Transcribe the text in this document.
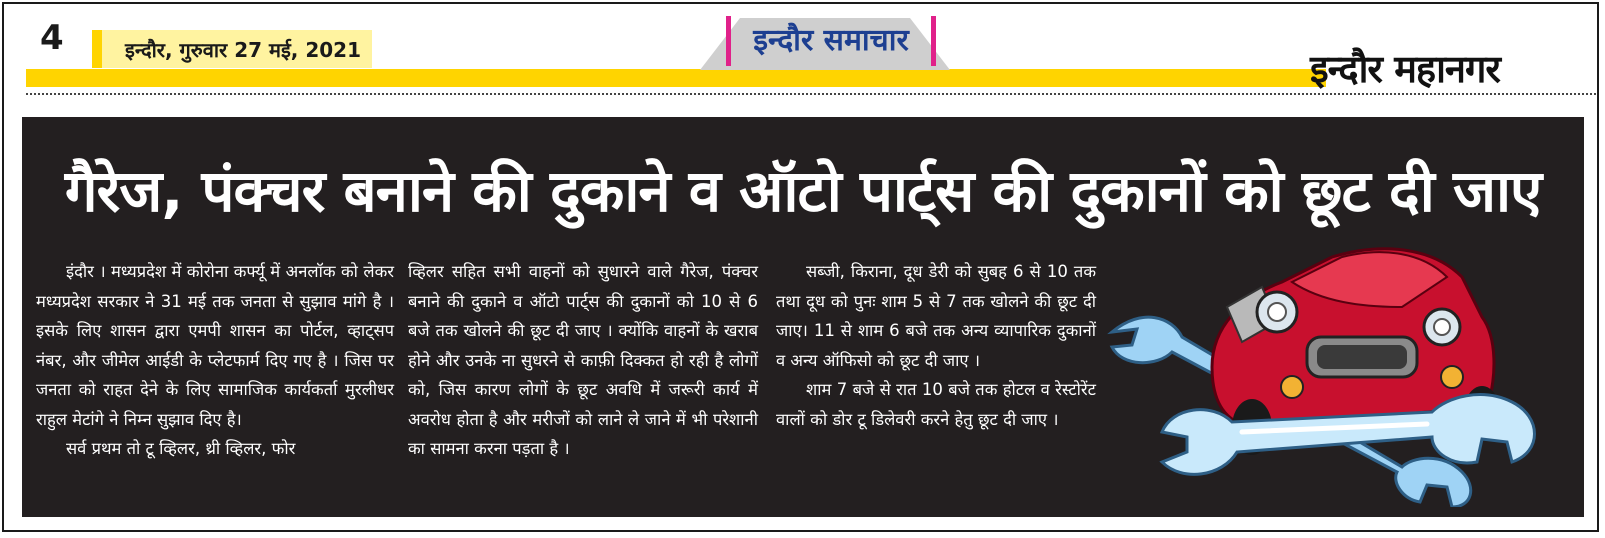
4	इन्दौर, गुरुवार 27 मई, 2021	इन्दौर समाचार
इन्दौर महानगर
गैरेज, पंक्चर बनाने की दुकाने व ऑटो पार्ट्स की दुकानों को छूट दी जाए

इंदौर । मध्यप्रदेश में कोरोना कर्फ्यू में अनलॉक को लेकर मध्यप्रदेश सरकार ने 31 मई तक जनता से सुझाव मांगे है । इसके लिए शासन द्वारा एमपी शासन का पोर्टल, व्हाट्सप नंबर, और जीमेल आईडी के प्लेटफार्म दिए गए है । जिस पर जनता को राहत देने के लिए सामाजिक कार्यकर्ता मुरलीधर राहुल मेटांगे ने निम्न सुझाव दिए है।

सर्व प्रथम तो टू व्हिलर, थ्री व्हिलर, फोर

व्हिलर सहित सभी वाहनों को सुधारने वाले गैरेज, पंक्चर बनाने की दुकाने व ऑटो पार्ट्स की दुकानों को 10 से 6 बजे तक खोलने की छूट दी जाए । क्योंकि वाहनों के खराब होने और उनके ना सुधरने से काफ़ी दिक्कत हो रही है लोगों को, जिस कारण लोगों के छूट अवधि में जरूरी कार्य में अवरोध होता है और मरीजों को लाने ले जाने में भी परेशानी का सामना करना पड़ता है ।

सब्जी, किराना, दूध डेरी को सुबह 6 से 10 तक तथा दूध को पुनः शाम 5 से 7 तक खोलने की छूट दी जाए। 11 से शाम 6 बजे तक अन्य व्यापारिक दुकानों व अन्य ऑफिसो को छूट दी जाए ।

शाम 7 बजे से रात 10 बजे तक होटल व रेस्टोरेंट वालों को डोर टू डिलेवरी करने हेतु छूट दी जाए ।
